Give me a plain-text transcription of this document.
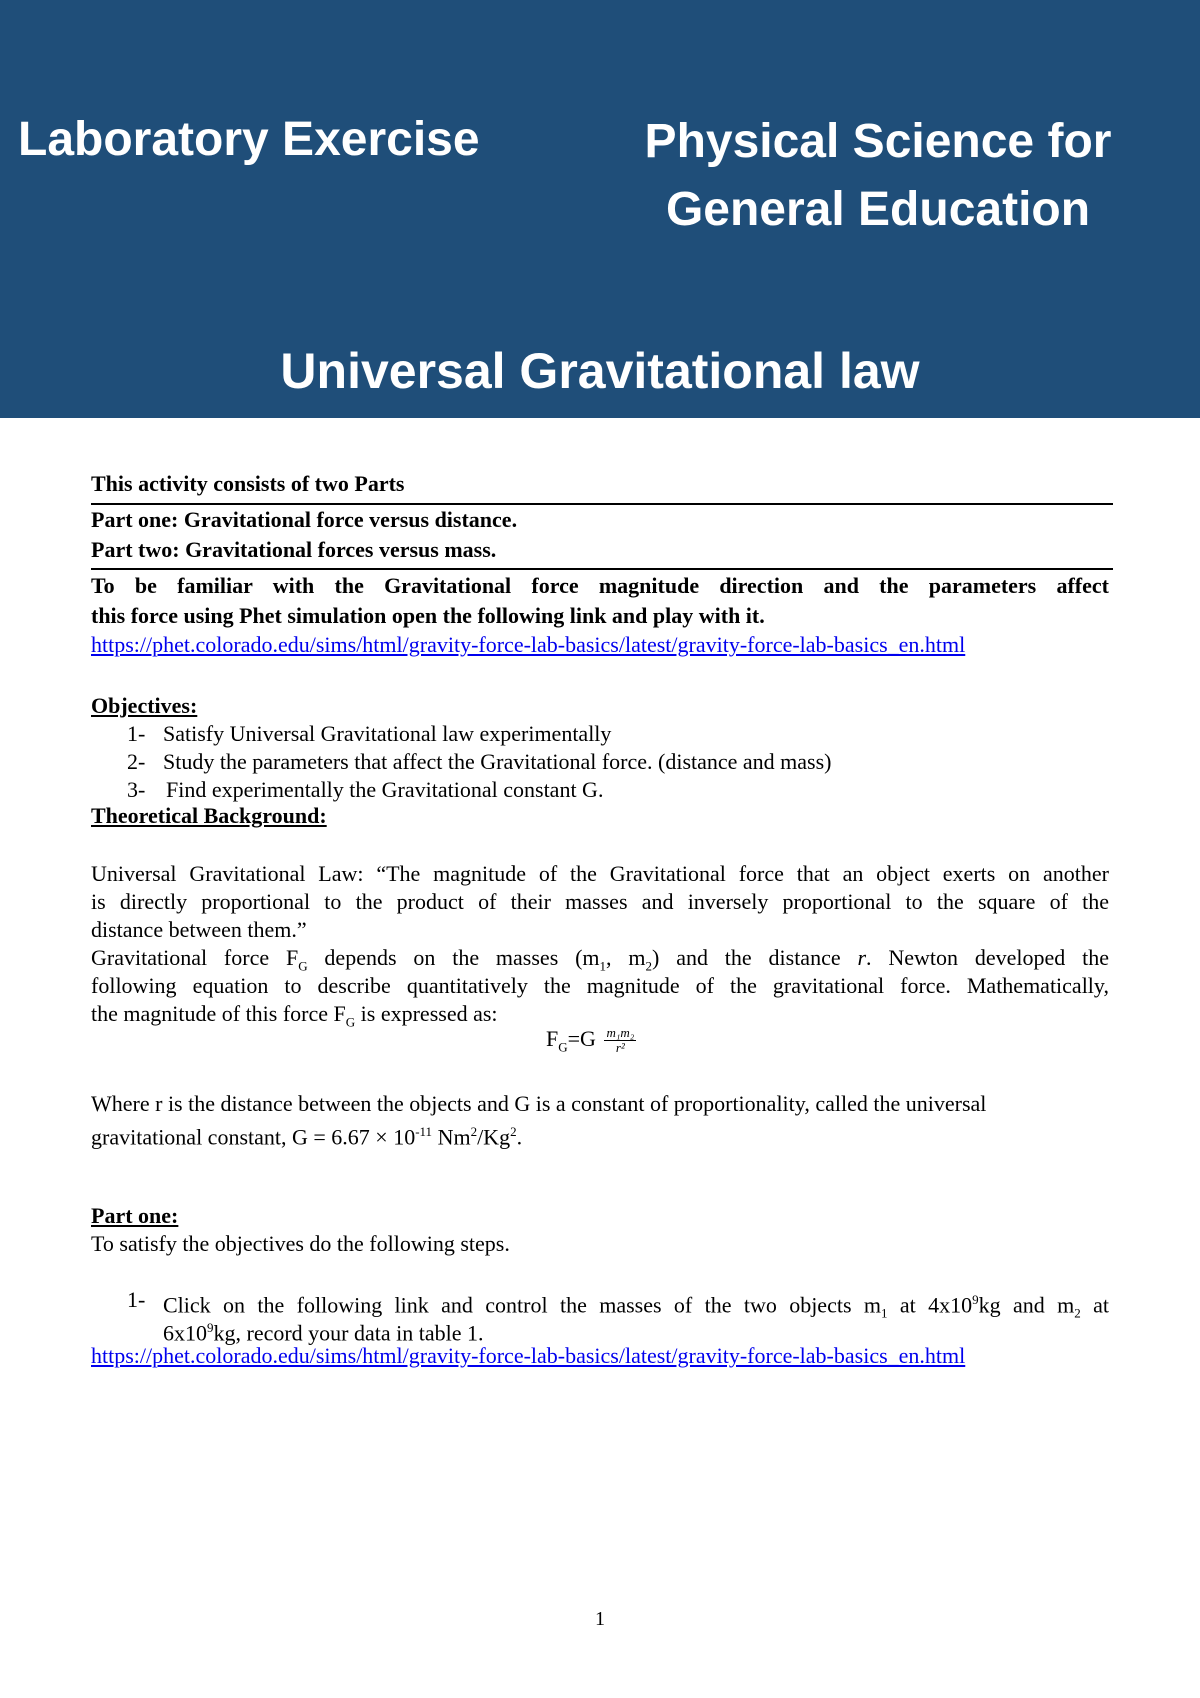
Laboratory Exercise	Physical Science for General Education
Universal Gravitational law
This activity consists of two Parts
Part one: Gravitational force versus distance.
Part two: Gravitational forces versus mass.
To be familiar with the Gravitational force magnitude direction and the parameters affect
this force using Phet simulation open the following link and play with it.
https://phet.colorado.edu/sims/html/gravity-force-lab-basics/latest/gravity-force-lab-basics_en.html
Objectives:
1- Satisfy Universal Gravitational law experimentally
2- Study the parameters that affect the Gravitational force. (distance and mass)
3- Find experimentally the Gravitational constant G.
Theoretical Background:
Universal Gravitational Law: “The magnitude of the Gravitational force that an object exerts on another
is directly proportional to the product of their masses and inversely proportional to the square of the
distance between them.”
Gravitational force $F_G$ depends on the masses ($m_1$, $m_2$) and the distance r. Newton developed the
following equation to describe quantitatively the magnitude of the gravitational force. Mathematically,
the magnitude of this force $F_G$ is expressed as:
$F_G=G \frac{\text{m₁m₂}}{\text{r²}}$
Where r is the distance between the objects and G is a constant of proportionality, called the universal
gravitational constant, $G = 6.67 \times 10^{-11}$ Nm$^2$/Kg$^2$.
Part one:
To satisfy the objectives do the following steps.
1- Click on the following link and control the masses of the two objects $m_1$ at $4x10^9kg$ and $m_2$ at
$6x10^9kg$, record your data in table 1.
https://phet.colorado.edu/sims/html/gravity-force-lab-basics/latest/gravity-force-lab-basics_en.html
1
